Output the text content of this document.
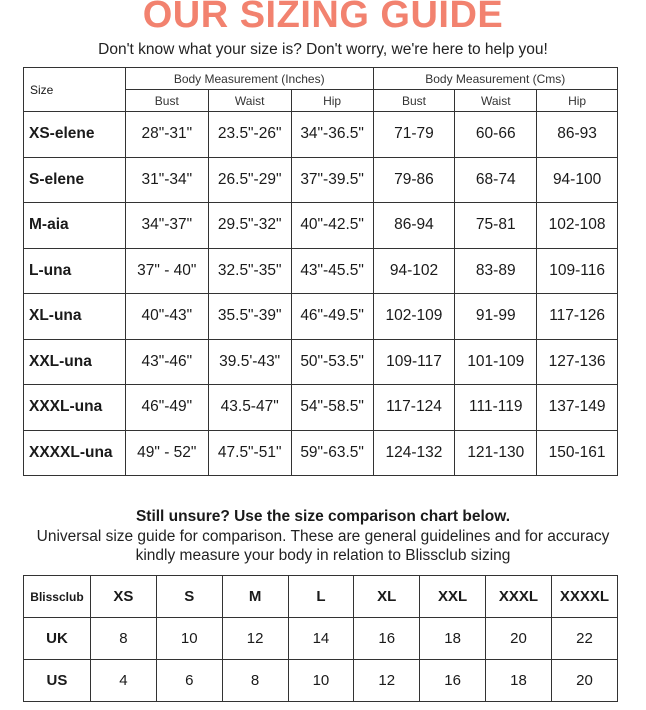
OUR SIZING GUIDE
Don't know what your size is? Don't worry, we're here to help you!
Size	Body Measurement (Inches)			Body Measurement (Cms)		
	Bust	Waist	Hip	Bust	Waist	Hip
XS-elene	28"-31"	23.5"-26"	34"-36.5"	71-79	60-66	86-93
S-elene	31"-34"	26.5"-29"	37"-39.5"	79-86	68-74	94-100
M-aia	34"-37"	29.5"-32"	40"-42.5"	86-94	75-81	102-108
L-una	37" - 40"	32.5"-35"	43"-45.5"	94-102	83-89	109-116
XL-una	40"-43"	35.5"-39"	46"-49.5"	102-109	91-99	117-126
XXL-una	43"-46"	39.5'-43"	50"-53.5"	109-117	101-109	127-136
XXXL-una	46"-49"	43.5-47"	54"-58.5"	117-124	111-119	137-149
XXXXL-una	49" - 52"	47.5"-51"	59"-63.5"	124-132	121-130	150-161
Still unsure? Use the size comparison chart below.
Universal size guide for comparison. These are general guidelines and for accuracy
kindly measure your body in relation to Blissclub sizing
Blissclub	XS	S	M	L	XL	XXL	XXXL	XXXXL
UK	8	10	12	14	16	18	20	22
US	4	6	8	10	12	16	18	20
